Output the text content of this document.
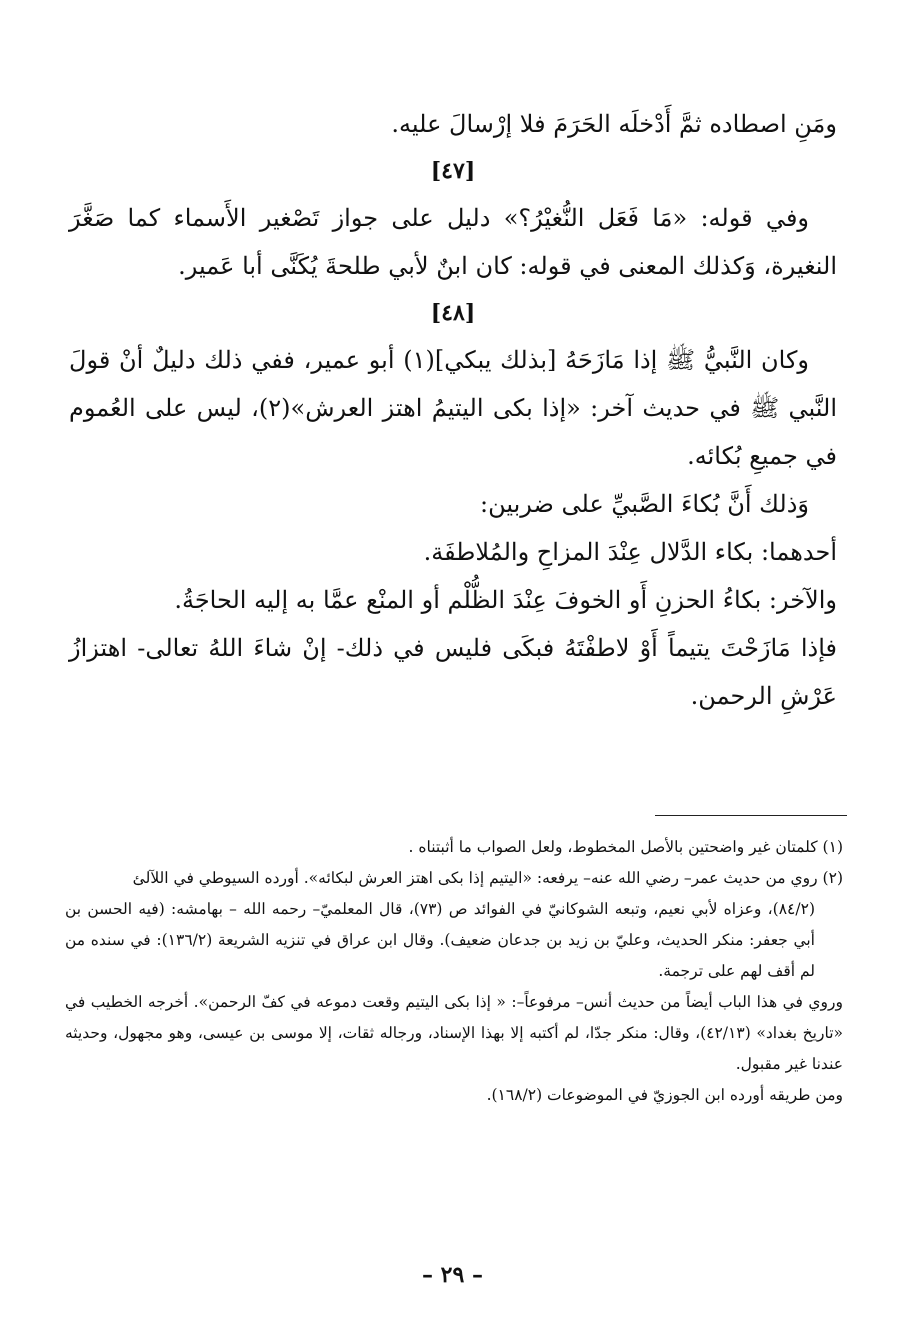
ومَنِ اصطاده ثمَّ أَدْخلَه الحَرَمَ فلا إرْسالَ عليه.

[٤٧]

وفي قوله: «مَا فَعَل النُّغيْرُ؟» دليل على جواز تَصْغير الأَسماء كما صَغَّرَ النغيرة، وَكذلك المعنى في قوله: كان ابنٌ لأبي طلحةَ يُكَنَّى أبا عَمير.

[٤٨]

وكان النَّبيُّ ﷺ إذا مَازَحَهُ [بذلك يبكي](١) أبو عمير، ففي ذلك دليلٌ أنْ قولَ النَّبي ﷺ في حديث آخر: «إذا بكى اليتيمُ اهتز العرش»(٢)، ليس على العُموم في جميعِ بُكائه.

وَذلك أَنَّ بُكاءَ الصَّبيِّ على ضربين:

أحدهما: بكاء الدَّلال عِنْدَ المزاحِ والمُلاطفَة.

والآخر: بكاءُ الحزنِ أَو الخوفَ عِنْدَ الظُّلْم أو المنْع عمَّا به إليه الحاجَةُ.

فإذا مَازَحْتَ يتيماً أَوْ لاطفْتَهُ فبكَى فليس في ذلك- إنْ شاءَ اللهُ تعالى- اهتزازُ عَرْشِ الرحمن.

(١) كلمتان غير واضحتين بالأصل المخطوط، ولعل الصواب ما أثبتناه .

(٢) روي من حديث عمر– رضي الله عنه– يرفعه: «اليتيم إذا بكى اهتز العرش لبكائه». أورده السيوطي في اللآلئ

(٨٤/٢)، وعزاه لأبي نعيم، وتبعه الشوكانيّ في الفوائد ص (٧٣)، قال المعلميّ– رحمه الله – بهامشه: (فيه الحسن بن أبي جعفر: منكر الحديث، وعليّ بن زيد بن جدعان ضعيف). وقال ابن عراق في تنزيه الشريعة (١٣٦/٢): في سنده من لم أقف لهم على ترجمة.

وروي في هذا الباب أيضاً من حديث أنس– مرفوعاً–: « إذا بكى اليتيم وقعت دموعه في كفّ الرحمن». أخرجه الخطيب في «تاريخ بغداد» (٤٢/١٣)، وقال: منكر جدّا، لم أكتبه إلا بهذا الإسناد، ورجاله ثقات، إلا موسى بن عيسى، وهو مجهول، وحديثه عندنا غير مقبول.

ومن طريقه أورده ابن الجوزيّ في الموضوعات (١٦٨/٢).

– ٢٩ –
